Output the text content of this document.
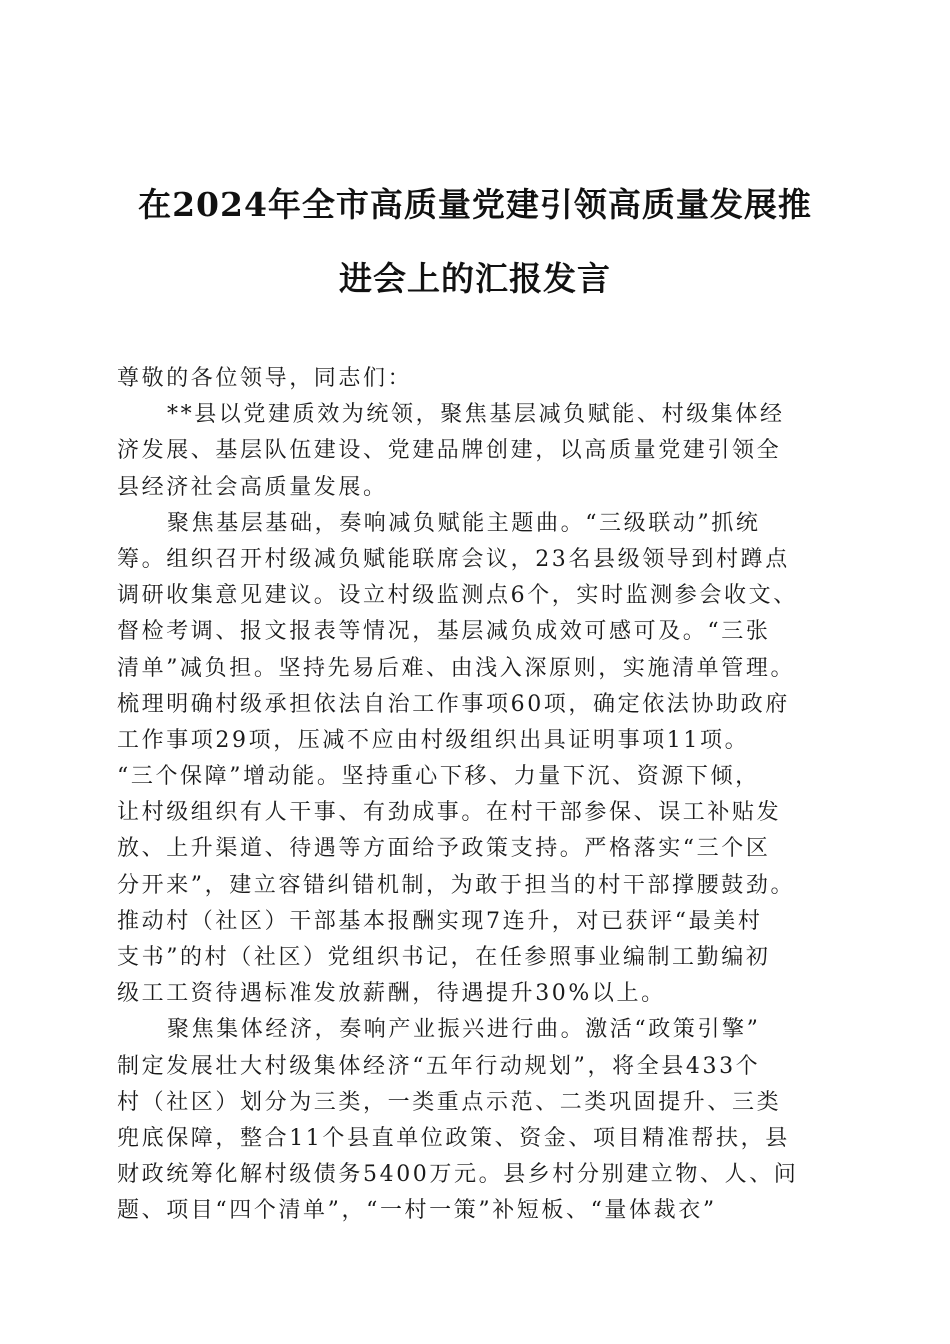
在2024年全市高质量党建引领高质量发展推
进会上的汇报发言
尊敬的各位领导，同志们：
**县以党建质效为统领，聚焦基层减负赋能、村级集体经
济发展、基层队伍建设、党建品牌创建，以高质量党建引领全
县经济社会高质量发展。
聚焦基层基础，奏响减负赋能主题曲。“三级联动”抓统
筹。组织召开村级减负赋能联席会议，23名县级领导到村蹲点
调研收集意见建议。设立村级监测点6个，实时监测参会收文、
督检考调、报文报表等情况，基层减负成效可感可及。“三张
清单”减负担。坚持先易后难、由浅入深原则，实施清单管理。
梳理明确村级承担依法自治工作事项60项，确定依法协助政府
工作事项29项，压减不应由村级组织出具证明事项11项。
“三个保障”增动能。坚持重心下移、力量下沉、资源下倾，
让村级组织有人干事、有劲成事。在村干部参保、误工补贴发
放、上升渠道、待遇等方面给予政策支持。严格落实“三个区
分开来”，建立容错纠错机制，为敢于担当的村干部撑腰鼓劲。
推动村（社区）干部基本报酬实现7连升，对已获评“最美村
支书”的村（社区）党组织书记，在任参照事业编制工勤编初
级工工资待遇标准发放薪酬，待遇提升30%以上。
聚焦集体经济，奏响产业振兴进行曲。激活“政策引擎”
制定发展壮大村级集体经济“五年行动规划”，将全县433个
村（社区）划分为三类，一类重点示范、二类巩固提升、三类
兜底保障，整合11个县直单位政策、资金、项目精准帮扶，县
财政统筹化解村级债务5400万元。县乡村分别建立物、人、问
题、项目“四个清单”，“一村一策”补短板、“量体裁衣”
